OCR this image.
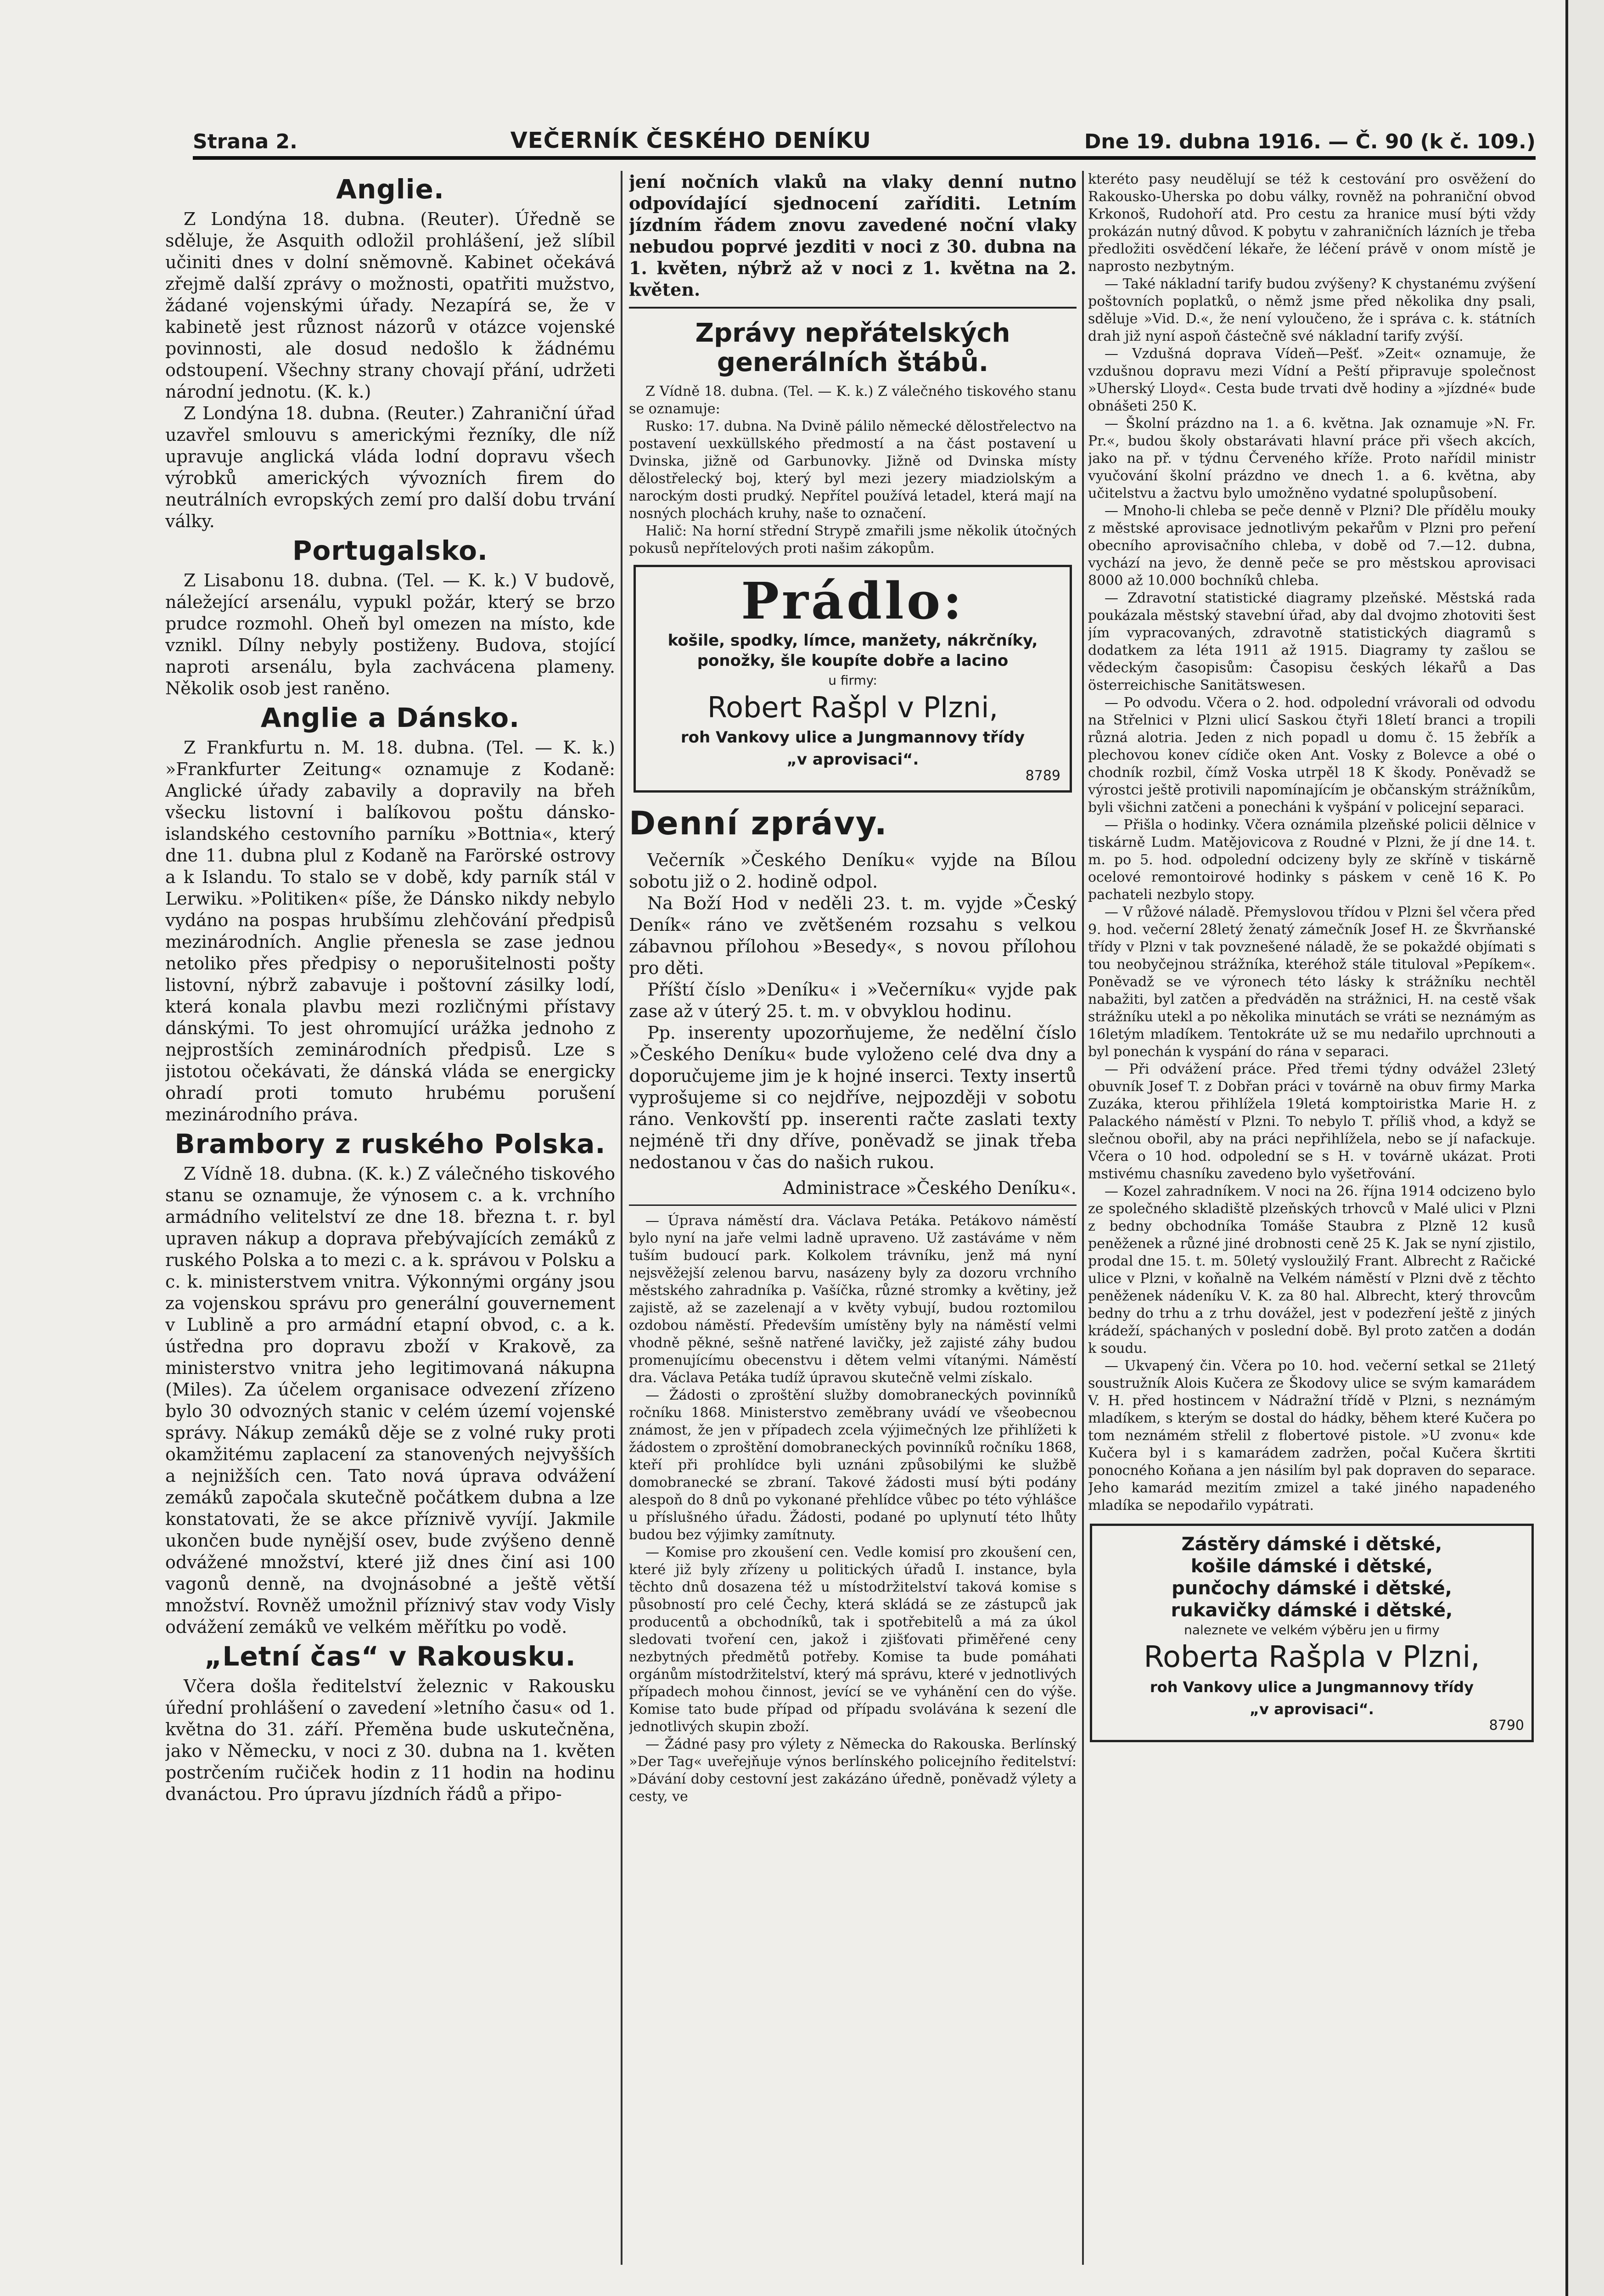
Strana 2.	VEČERNÍK ČESKÉHO DENÍKU	Dne 19. dubna 1916. — Č. 90 (k č. 109.)
Anglie.

Z Londýna 18. dubna. (Reuter). Úředně se sděluje, že Asquith odložil prohlášení, jež slíbil učiniti dnes v dolní sněmovně. Kabinet očekává zřejmě další zprávy o možnosti, opatřiti mužstvo, žádané vojenskými úřady. Nezapírá se, že v kabinetě jest různost názorů v otázce vojenské povinnosti, ale dosud nedošlo k žádnému odstoupení. Všechny strany chovají přání, udržeti národní jednotu. (K. k.)

Z Londýna 18. dubna. (Reuter.) Zahraniční úřad uzavřel smlouvu s americkými řezníky, dle níž upravuje anglická vláda lodní dopravu všech výrobků amerických vývozních firem do neutrálních evropských zemí pro další dobu trvání války.

Portugalsko.

Z Lisabonu 18. dubna. (Tel. — K. k.) V budově, náležející arsenálu, vypukl požár, který se brzo prudce rozmohl. Oheň byl omezen na místo, kde vznikl. Dílny nebyly postiženy. Budova, stojící naproti arsenálu, byla zachvácena plameny. Několik osob jest raněno.

Anglie a Dánsko.

Z Frankfurtu n. M. 18. dubna. (Tel. — K. k.) »Frankfurter Zeitung« oznamuje z Kodaně: Anglické úřady zabavily a dopravily na břeh všecku listovní i balíkovou poštu dánsko-islandského cestovního parníku »Bottnia«, který dne 11. dubna plul z Kodaně na Farörské ostrovy a k Islandu. To stalo se v době, kdy parník stál v Lerwiku. »Politiken« píše, že Dánsko nikdy nebylo vydáno na pospas hrubšímu zlehčování předpisů mezinárodních. Anglie přenesla se zase jednou netoliko přes předpisy o neporušitelnosti pošty listovní, nýbrž zabavuje i poštovní zásilky lodí, která konala plavbu mezi rozličnými přístavy dánskými. To jest ohromující urážka jednoho z nejprostších zeminárodních předpisů. Lze s jistotou očekávati, že dánská vláda se energicky ohradí proti tomuto hrubému porušení mezinárodního práva.

Brambory z ruského Polska.

Z Vídně 18. dubna. (K. k.) Z válečného tiskového stanu se oznamuje, že výnosem c. a k. vrchního armádního velitelství ze dne 18. března t. r. byl upraven nákup a doprava přebývajících zemáků z ruského Polska a to mezi c. a k. správou v Polsku a c. k. ministerstvem vnitra. Výkonnými orgány jsou za vojenskou správu pro generální gouvernement v Lublině a pro armádní etapní obvod, c. a k. ústředna pro dopravu zboží v Krakově, za ministerstvo vnitra jeho legitimovaná nákupna (Miles). Za účelem organisace odvezení zřízeno bylo 30 odvozných stanic v celém území vojenské správy. Nákup zemáků děje se z volné ruky proti okamžitému zaplacení za stanovených nejvyšších a nejnižších cen. Tato nová úprava odvážení zemáků započala skutečně počátkem dubna a lze konstatovati, že se akce příznivě vyvíjí. Jakmile ukončen bude nynější osev, bude zvýšeno denně odvážené množství, které již dnes činí asi 100 vagonů denně, na dvojnásobné a ještě větší množství. Rovněž umožnil příznivý stav vody Visly odvážení zemáků ve velkém měřítku po vodě.

„Letní čas“ v Rakousku.

Včera došla ředitelství železnic v Rakousku úřední prohlášení o zavedení »letního času« od 1. května do 31. září. Přeměna bude uskutečněna, jako v Německu, v noci z 30. dubna na 1. květen postrčením ručiček hodin z 11 hodin na hodinu dvanáctou. Pro úpravu jízdních řádů a připo-

jení nočních vlaků na vlaky denní nutno odpovídající sjednocení zaříditi. Letním jízdním řádem znovu zavedené noční vlaky nebudou poprvé jezditi v noci z 30. dubna na 1. květen, nýbrž až v noci z 1. května na 2. květen.

Zprávy nepřátelských generálních štábů.

Z Vídně 18. dubna. (Tel. — K. k.) Z válečného tiskového stanu se oznamuje:

Rusko: 17. dubna. Na Dvině pálilo německé dělostřelectvo na postavení uexküllského předmostí a na část postavení u Dvinska, jižně od Garbunovky. Jižně od Dvinska místy dělostřelecký boj, který byl mezi jezery miadziolským a narockým dosti prudký. Nepřítel používá letadel, která mají na nosných plochách kruhy, naše to označení.

Halič: Na horní střední Strypě zmařili jsme několik útočných pokusů nepřítelových proti našim zákopům.

Prádlo:

košile, spodky, límce, manžety, nákrčníky, ponožky, šle koupíte dobře a lacino

u firmy:

Robert Rašpl v Plzni,

roh Vankovy ulice a Jungmannovy třídy

„v aprovisaci“.

8789
Denní zprávy.

Večerník »Českého Deníku« vyjde na Bílou sobotu již o 2. hodině odpol.

Na Boží Hod v neděli 23. t. m. vyjde »Český Deník« ráno ve zvětšeném rozsahu s velkou zábavnou přílohou »Besedy«, s novou přílohou pro děti.

Příští číslo »Deníku« i »Večerníku« vyjde pak zase až v úterý 25. t. m. v obvyklou hodinu.

Pp. inserenty upozorňujeme, že nedělní číslo »Českého Deníku« bude vyloženo celé dva dny a doporučujeme jim je k hojné inserci. Texty insertů vyprošujeme si co nejdříve, nejpozději v sobotu ráno. Venkovští pp. inserenti račte zaslati texty nejméně tři dny dříve, poněvadž se jinak třeba nedostanou v čas do našich rukou.

Administrace »Českého Deníku«.

— Úprava náměstí dra. Václava Petáka. Petákovo náměstí bylo nyní na jaře velmi ladně upraveno. Už zastáváme v něm tuším budoucí park. Kolkolem trávníku, jenž má nyní nejsvěžejší zelenou barvu, nasázeny byly za dozoru vrchního městského zahradníka p. Vašíčka, různé stromky a květiny, jež zajistě, až se zazelenají a v květy vybují, budou roztomilou ozdobou náměstí. Především umístěny byly na náměstí velmi vhodně pěkné, sešně natřené lavičky, jež zajisté záhy budou promenujícímu obecenstvu i dětem velmi vítanými. Náměstí dra. Václava Petáka tudíž úpravou skutečně velmi získalo.

— Žádosti o zproštění služby domobraneckých povinníků ročníku 1868. Ministerstvo zeměbrany uvádí ve všeobecnou známost, že jen v případech zcela výjimečných lze přihlížeti k žádostem o zproštění domobraneckých povinníků ročníku 1868, kteří při prohlídce byli uznáni způsobilými ke službě domobranecké se zbraní. Takové žádosti musí býti podány alespoň do 8 dnů po vykonané přehlídce vůbec po této výhlášce u příslušného úřadu. Žádosti, podané po uplynutí této lhůty budou bez výjimky zamítnuty.

— Komise pro zkoušení cen. Vedle komisí pro zkoušení cen, které již byly zřízeny u politických úřadů I. instance, byla těchto dnů dosazena též u místodržitelství taková komise s působností pro celé Čechy, která skládá se ze zástupců jak producentů a obchodníků, tak i spotřebitelů a má za úkol sledovati tvoření cen, jakož i zjišťovati přiměřené ceny nezbytných předmětů potřeby. Komise ta bude pomáhati orgánům místodržitelství, který má správu, které v jednotlivých případech mohou činnost, jevící se ve vyhánění cen do výše. Komise tato bude případ od případu svolávána k sezení dle jednotlivých skupin zboží.

— Žádné pasy pro výlety z Německa do Rakouska. Berlínský »Der Tag« uveřejňuje výnos berlínského policejního ředitelství: »Dávání doby cestovní jest zakázáno úředně, poněvadž výlety a cesty, ve

kteréto pasy neudělují se též k cestování pro osvěžení do Rakousko-Uherska po dobu války, rovněž na pohraniční obvod Krkonoš, Rudohoří atd. Pro cestu za hranice musí býti vždy prokázán nutný důvod. K pobytu v zahraničních lázních je třeba předložiti osvědčení lékaře, že léčení právě v onom místě je naprosto nezbytným.

— Také nákladní tarify budou zvýšeny? K chystanému zvýšení poštovních poplatků, o němž jsme před několika dny psali, sděluje »Vid. D.«, že není vyloučeno, že i správa c. k. státních drah již nyní aspoň částečně své nákladní tarify zvýší.

— Vzdušná doprava Vídeň—Pešť. »Zeit« oznamuje, že vzdušnou dopravu mezi Vídní a Peští připravuje společnost »Uherský Lloyd«. Cesta bude trvati dvě hodiny a »jízdné« bude obnášeti 250 K.

— Školní prázdno na 1. a 6. května. Jak oznamuje »N. Fr. Pr.«, budou školy obstarávati hlavní práce při všech akcích, jako na př. v týdnu Červeného kříže. Proto nařídil ministr vyučování školní prázdno ve dnech 1. a 6. května, aby učitelstvu a žactvu bylo umožněno vydatné spolupůsobení.

— Mnoho-li chleba se peče denně v Plzni? Dle přídělu mouky z městské aprovisace jednotlivým pekařům v Plzni pro peření obecního aprovisačního chleba, v době od 7.—12. dubna, vychází na jevo, že denně peče se pro městskou aprovisaci 8000 až 10.000 bochníků chleba.

— Zdravotní statistické diagramy plzeňské. Městská rada poukázala městský stavební úřad, aby dal dvojmo zhotoviti šest jím vypracovaných, zdravotně statistických diagramů s dodatkem za léta 1911 až 1915. Diagramy ty zašlou se vědeckým časopisům: Časopisu českých lékařů a Das österreichische Sanitätswesen.

— Po odvodu. Včera o 2. hod. odpolední vrávorali od odvodu na Střelnici v Plzni ulicí Saskou čtyři 18letí branci a tropili různá alotria. Jeden z nich popadl u domu č. 15 žebřík a plechovou konev cídiče oken Ant. Vosky z Bolevce a obé o chodník rozbil, čímž Voska utrpěl 18 K škody. Poněvadž se výrostci ještě protivili napomínajícím je občanským strážníkům, byli všichni zatčeni a ponecháni k vyšpání v policejní separaci.

— Přišla o hodinky. Včera oznámila plzeňské policii dělnice v tiskárně Ludm. Matějovicova z Roudné v Plzni, že jí dne 14. t. m. po 5. hod. odpolední odcizeny byly ze skříně v tiskárně ocelové remontoirové hodinky s páskem v ceně 16 K. Po pachateli nezbylo stopy.

— V růžové náladě. Přemyslovou třídou v Plzni šel včera před 9. hod. večerní 28letý ženatý zámečník Josef H. ze Škvrňanské třídy v Plzni v tak povznešené náladě, že se pokaždé objímati s tou neobyčejnou strážníka, kteréhož stále tituloval »Pepíkem«. Poněvadž se ve výronech této lásky k strážníku nechtěl nabažiti, byl zatčen a předváděn na strážnici, H. na cestě však strážníku utekl a po několika minutách se vráti se neznámým as 16letým mladíkem. Tentokráte už se mu nedařilo uprchnouti a byl ponechán k vyspání do rána v separaci.

— Při odvážení práce. Před třemi týdny odvážel 23letý obuvník Josef T. z Dobřan práci v továrně na obuv firmy Marka Zuzáka, kterou přihlížela 19letá komptoiristka Marie H. z Palackého náměstí v Plzni. To nebylo T. příliš vhod, a když se slečnou obořil, aby na práci nepřihlížela, nebo se jí nafackuje. Včera o 10 hod. odpolední se s H. v továrně ukázat. Proti mstivému chasníku zavedeno bylo vyšetřování.

— Kozel zahradníkem. V noci na 26. října 1914 odcizeno bylo ze společného skladiště plzeňských trhovců v Malé ulici v Plzni z bedny obchodníka Tomáše Staubra z Plzně 12 kusů peněženek a různé jiné drobnosti ceně 25 K. Jak se nyní zjistilo, prodal dne 15. t. m. 50letý vysloužilý Frant. Albrecht z Račické ulice v Plzni, v koňalně na Velkém náměstí v Plzni dvě z těchto peněženek nádeníku V. K. za 80 hal. Albrecht, který throvcům bedny do trhu a z trhu dovážel, jest v podezření ještě z jiných krádeží, spáchaných v poslední době. Byl proto zatčen a dodán k soudu.

— Ukvapený čin. Včera po 10. hod. večerní setkal se 21letý soustružník Alois Kučera ze Škodovy ulice se svým kamarádem V. H. před hostincem v Nádražní třídě v Plzni, s neznámým mladíkem, s kterým se dostal do hádky, během které Kučera po tom neznámém střelil z flobertové pistole. »U zvonu« kde Kučera byl i s kamarádem zadržen, počal Kučera škrtiti ponocného Koňana a jen násilím byl pak dopraven do separace. Jeho kamarád mezitím zmizel a také jiného napadeného mladíka se nepodařilo vypátrati.

Zástěry dámské i dětské,

košile dámské i dětské,

punčochy dámské i dětské,

rukavičky dámské i dětské,

naleznete ve velkém výběru jen u firmy

Roberta Rašpla v Plzni,

roh Vankovy ulice a Jungmannovy třídy

„v aprovisaci“.

8790
